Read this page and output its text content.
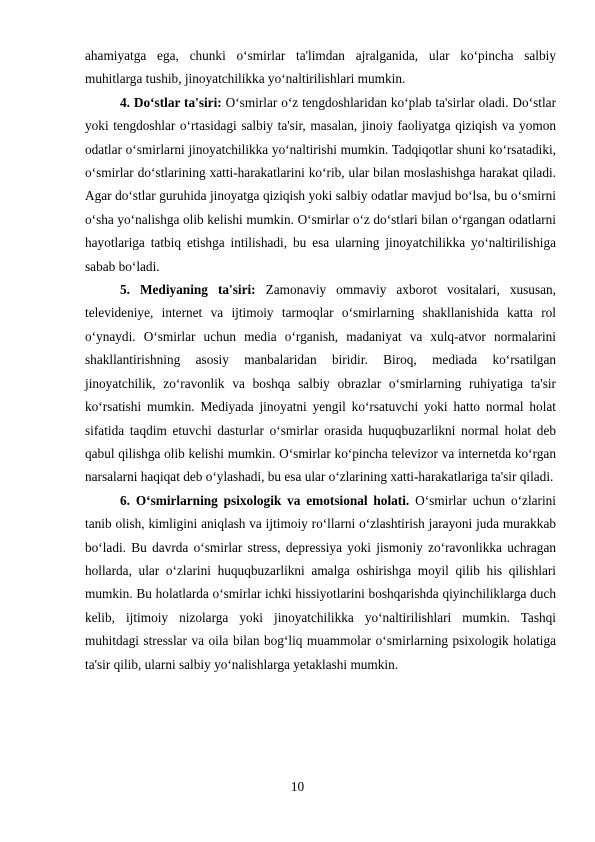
ahamiyatga ega, chunki o‘smirlar ta'limdan ajralganida, ular ko‘pincha salbiy muhitlarga tushib, jinoyatchilikka yo‘naltirilishlari mumkin.

4. Do‘stlar ta'siri: O‘smirlar o‘z tengdoshlaridan ko‘plab ta'sirlar oladi. Do‘stlar yoki tengdoshlar o‘rtasidagi salbiy ta'sir, masalan, jinoiy faoliyatga qiziqish va yomon odatlar o‘smirlarni jinoyatchilikka yo‘naltirishi mumkin. Tadqiqotlar shuni ko‘rsatadiki, o‘smirlar do‘stlarining xatti-harakatlarini ko‘rib, ular bilan moslashishga harakat qiladi. Agar do‘stlar guruhida jinoyatga qiziqish yoki salbiy odatlar mavjud bo‘lsa, bu o‘smirni o‘sha yo‘nalishga olib kelishi mumkin. O‘smirlar o‘z do‘stlari bilan o‘rgangan odatlarni hayotlariga tatbiq etishga intilishadi, bu esa ularning jinoyatchilikka yo‘naltirilishiga sabab bo‘ladi.

5. Mediyaning ta'siri: Zamonaviy ommaviy axborot vositalari, xususan, televideniye, internet va ijtimoiy tarmoqlar o‘smirlarning shakllanishida katta rol o‘ynaydi. O‘smirlar uchun media o‘rganish, madaniyat va xulq-atvor normalarini shakllantirishning asosiy manbalaridan biridir. Biroq, mediada ko‘rsatilgan jinoyatchilik, zo‘ravonlik va boshqa salbiy obrazlar o‘smirlarning ruhiyatiga ta'sir ko‘rsatishi mumkin. Mediyada jinoyatni yengil ko‘rsatuvchi yoki hatto normal holat sifatida taqdim etuvchi dasturlar o‘smirlar orasida huquqbuzarlikni normal holat deb qabul qilishga olib kelishi mumkin. O‘smirlar ko‘pincha televizor va internetda ko‘rgan narsalarni haqiqat deb o‘ylashadi, bu esa ular o‘zlarining xatti-harakatlariga ta'sir qiladi.

6. O‘smirlarning psixologik va emotsional holati. O‘smirlar uchun o‘zlarini tanib olish, kimligini aniqlash va ijtimoiy ro‘llarni o‘zlashtirish jarayoni juda murakkab bo‘ladi. Bu davrda o‘smirlar stress, depressiya yoki jismoniy zo‘ravonlikka uchragan hollarda, ular o‘zlarini huquqbuzarlikni amalga oshirishga moyil qilib his qilishlari mumkin. Bu holatlarda o‘smirlar ichki hissiyotlarini boshqarishda qiyinchiliklarga duch kelib, ijtimoiy nizolarga yoki jinoyatchilikka yo‘naltirilishlari mumkin. Tashqi muhitdagi stresslar va oila bilan bog‘liq muammolar o‘smirlarning psixologik holatiga ta'sir qilib, ularni salbiy yo‘nalishlarga yetaklashi mumkin.

10
